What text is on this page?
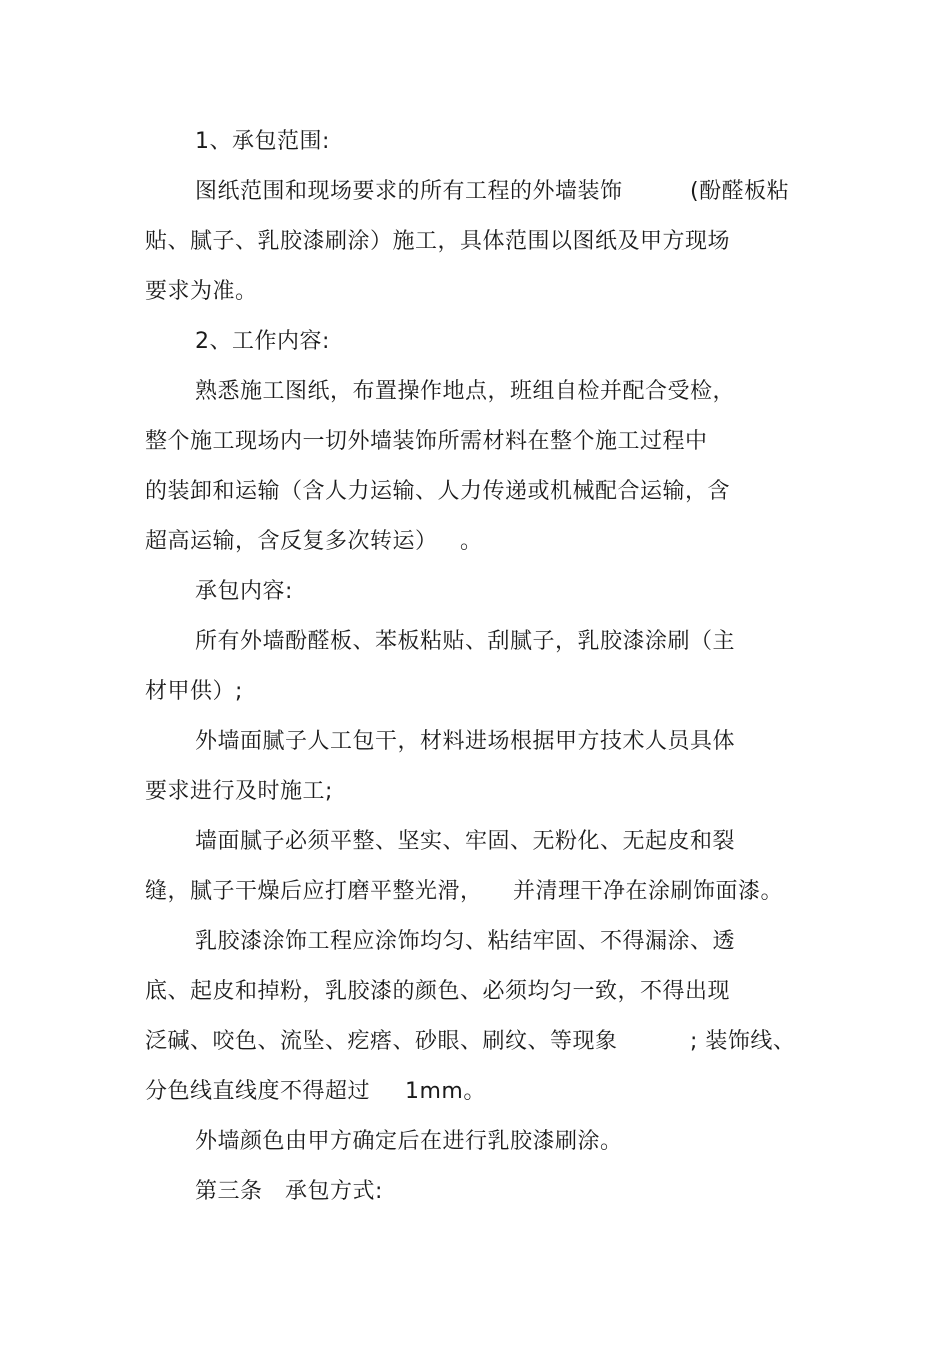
1、承包范围:
图纸范围和现场要求的所有工程的外墙装饰	(酚醛板粘
贴、腻子、乳胶漆刷涂）施工，具体范围以图纸及甲方现场
要求为准。
2、工作内容:
熟悉施工图纸，布置操作地点，班组自检并配合受检，
整个施工现场内一切外墙装饰所需材料在整个施工过程中
的装卸和运输（含人力运输、人力传递或机械配合运输，含
超高运输，含反复多次转运） 。
承包内容:
所有外墙酚醛板、苯板粘贴、刮腻子，乳胶漆涂刷（主
材甲供）;
外墙面腻子人工包干，材料进场根据甲方技术人员具体
要求进行及时施工;
墙面腻子必须平整、坚实、牢固、无粉化、无起皮和裂
缝，腻子干燥后应打磨平整光滑， 并清理干净在涂刷饰面漆。
乳胶漆涂饰工程应涂饰均匀、粘结牢固、不得漏涂、透
底、起皮和掉粉，乳胶漆的颜色、必须均匀一致，不得出现
泛碱、咬色、流坠、疙瘩、砂眼、刷纹、等现象	; 装饰线、
分色线直线度不得超过 1mm。
外墙颜色由甲方确定后在进行乳胶漆刷涂。
第三条   承包方式:
